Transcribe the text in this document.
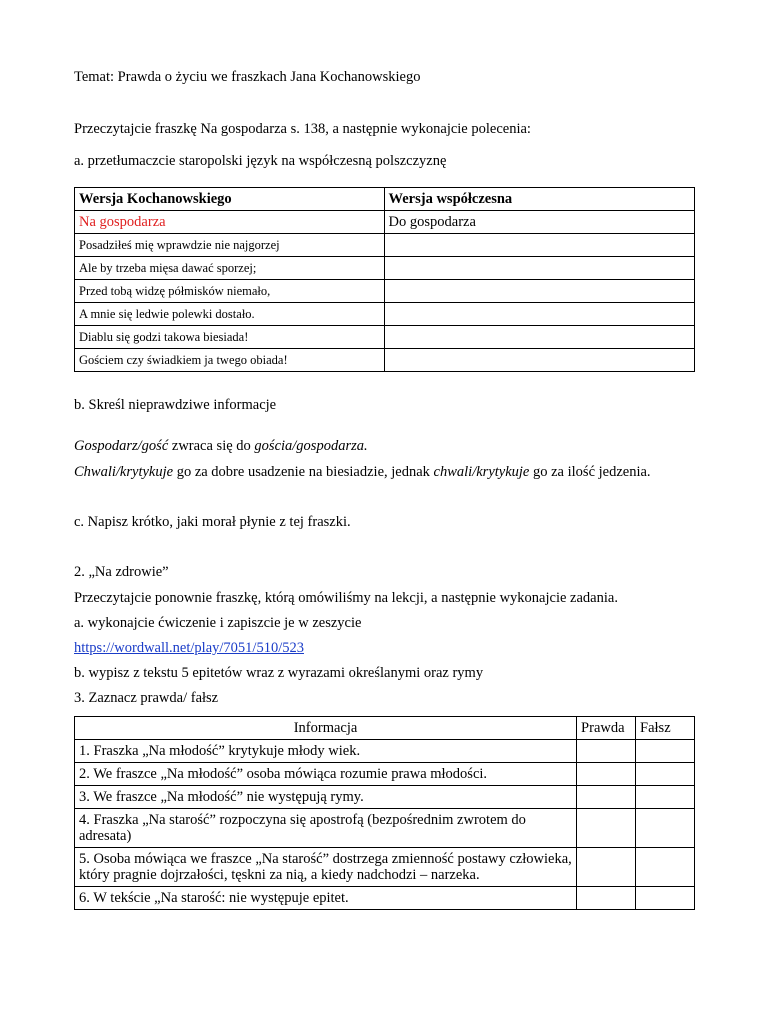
Temat: Prawda o życiu we fraszkach Jana Kochanowskiego
Przeczytajcie fraszkę Na gospodarza s. 138, a następnie wykonajcie polecenia:
a. przetłumaczcie staropolski język na współczesną polszczyznę
Wersja Kochanowskiego	Wersja współczesna
Na gospodarza	Do gospodarza
Posadziłeś mię wprawdzie nie najgorzej	
Ale by trzeba mięsa dawać sporzej;	
Przed tobą widzę półmisków niemało,	
A mnie się ledwie polewki dostało.	
Diablu się godzi takowa biesiada!	
Gościem czy świadkiem ja twego obiada!	
b. Skreśl nieprawdziwe informacje
Gospodarz/gość zwraca się do gościa/gospodarza.
Chwali/krytykuje go za dobre usadzenie na biesiadzie, jednak chwali/krytykuje go za ilość jedzenia.
c. Napisz krótko, jaki morał płynie z tej fraszki.
2. „Na zdrowie”
Przeczytajcie ponownie fraszkę, którą omówiliśmy na lekcji, a następnie wykonajcie zadania.
a. wykonajcie ćwiczenie i zapiszcie je w zeszycie
https://wordwall.net/play/7051/510/523
b. wypisz z tekstu 5 epitetów wraz z wyrazami określanymi oraz rymy
3. Zaznacz prawda/ fałsz
Informacja	Prawda	Fałsz
1. Fraszka „Na młodość” krytykuje młody wiek.		
2. We fraszce „Na młodość” osoba mówiąca rozumie prawa młodości.		
3. We fraszce „Na młodość” nie występują rymy.		
4. Fraszka „Na starość” rozpoczyna się apostrofą (bezpośrednim zwrotem do adresata)		
5. Osoba mówiąca we fraszce „Na starość” dostrzega zmienność postawy człowieka, który pragnie dojrzałości, tęskni za nią, a kiedy nadchodzi – narzeka.		
6. W tekście „Na starość: nie występuje epitet.		
